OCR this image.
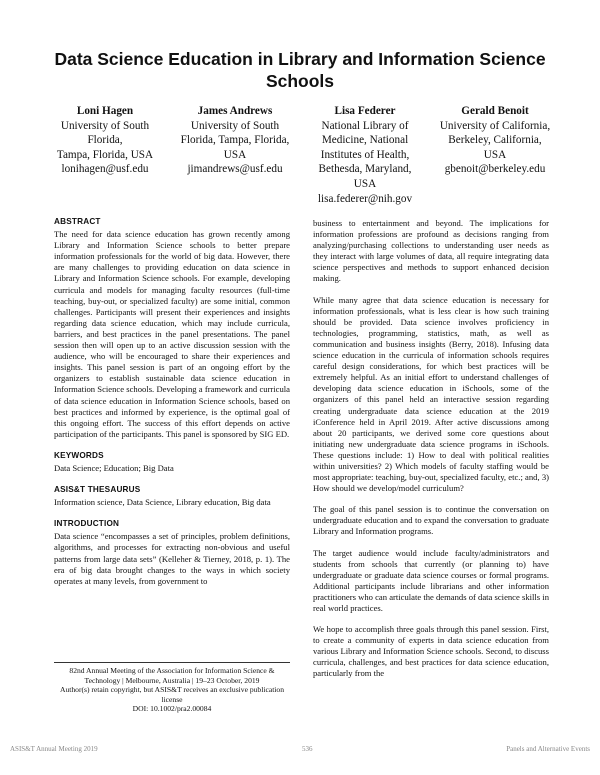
Data Science Education in Library and Information Science Schools
Loni Hagen
University of South
Florida,
Tampa, Florida, USA
lonihagen@usf.edu
James Andrews
University of South
Florida, Tampa, Florida,
USA
jimandrews@usf.edu
Lisa Federer
National Library of
Medicine, National
Institutes of Health,
Bethesda, Maryland,
USA
lisa.federer@nih.gov
Gerald Benoit
University of California,
Berkeley, California,
USA
gbenoit@berkeley.edu
ABSTRACT

The need for data science education has grown recently among Library and Information Science schools to better prepare information professionals for the world of big data. However, there are many challenges to providing education on data science in Library and Information Science schools. For example, developing curricula and models for managing faculty resources (full-time teaching, buy-out, or specialized faculty) are some initial, common challenges. Participants will present their experiences and insights regarding data science education, which may include curricula, barriers, and best practices in the panel presentations. The panel session then will open up to an active discussion session with the audience, who will be encouraged to share their experiences and insights. This panel session is part of an ongoing effort by the organizers to establish sustainable data science education in Information Science schools. Developing a framework and curricula of data science education in Information Science schools, based on best practices and informed by experience, is the optimal goal of this ongoing effort. The success of this effort depends on active participation of the participants. This panel is sponsored by SIG ED.

KEYWORDS

Data Science; Education; Big Data

ASIS&T THESAURUS

Information science, Data Science, Library education, Big data

INTRODUCTION

Data science “encompasses a set of principles, problem definitions, algorithms, and processes for extracting non-obvious and useful patterns from large data sets” (Kelleher & Tierney, 2018, p. 1). The era of big data brought changes to the ways in which society operates at many levels, from government to

82nd Annual Meeting of the Association for Information Science & Technology | Melbourne, Australia | 19–23 October, 2019
Author(s) retain copyright, but ASIS&T receives an exclusive publication license
DOI: 10.1002/pra2.00084

business to entertainment and beyond. The implications for information professions are profound as decisions ranging from analyzing/purchasing collections to understanding user needs as they interact with large volumes of data, all require integrating data science perspectives and methods to support enhanced decision making.

While many agree that data science education is necessary for information professionals, what is less clear is how such training should be provided. Data science involves proficiency in technologies, programming, statistics, math, as well as communication and business insights (Berry, 2018). Infusing data science education in the curricula of information schools requires careful design considerations, for which best practices will be extremely helpful. As an initial effort to understand challenges of developing data science education in iSchools, some of the organizers of this panel held an interactive session regarding creating undergraduate data science education at the 2019 iConference held in April 2019. After active discussions among about 20 participants, we derived some core questions about initiating new undergraduate data science programs in iSchools. These questions include: 1) How to deal with political realities within universities? 2) Which models of faculty staffing would be most appropriate: teaching, buy-out, specialized faculty, etc.; and, 3) How should we develop/model curriculum?

The goal of this panel session is to continue the conversation on undergraduate education and to expand the conversation to graduate Library and Information programs.

The target audience would include faculty/administrators and students from schools that currently (or planning to) have undergraduate or graduate data science courses or formal programs. Additional participants include librarians and other information practitioners who can articulate the demands of data science skills in real world practices.

We hope to accomplish three goals through this panel session. First, to create a community of experts in data science education from various Library and Information Science schools. Second, to discuss curricula, challenges, and best practices for data science education, particularly from the

ASIS&T Annual Meeting 2019	536	Panels and Alternative Events
